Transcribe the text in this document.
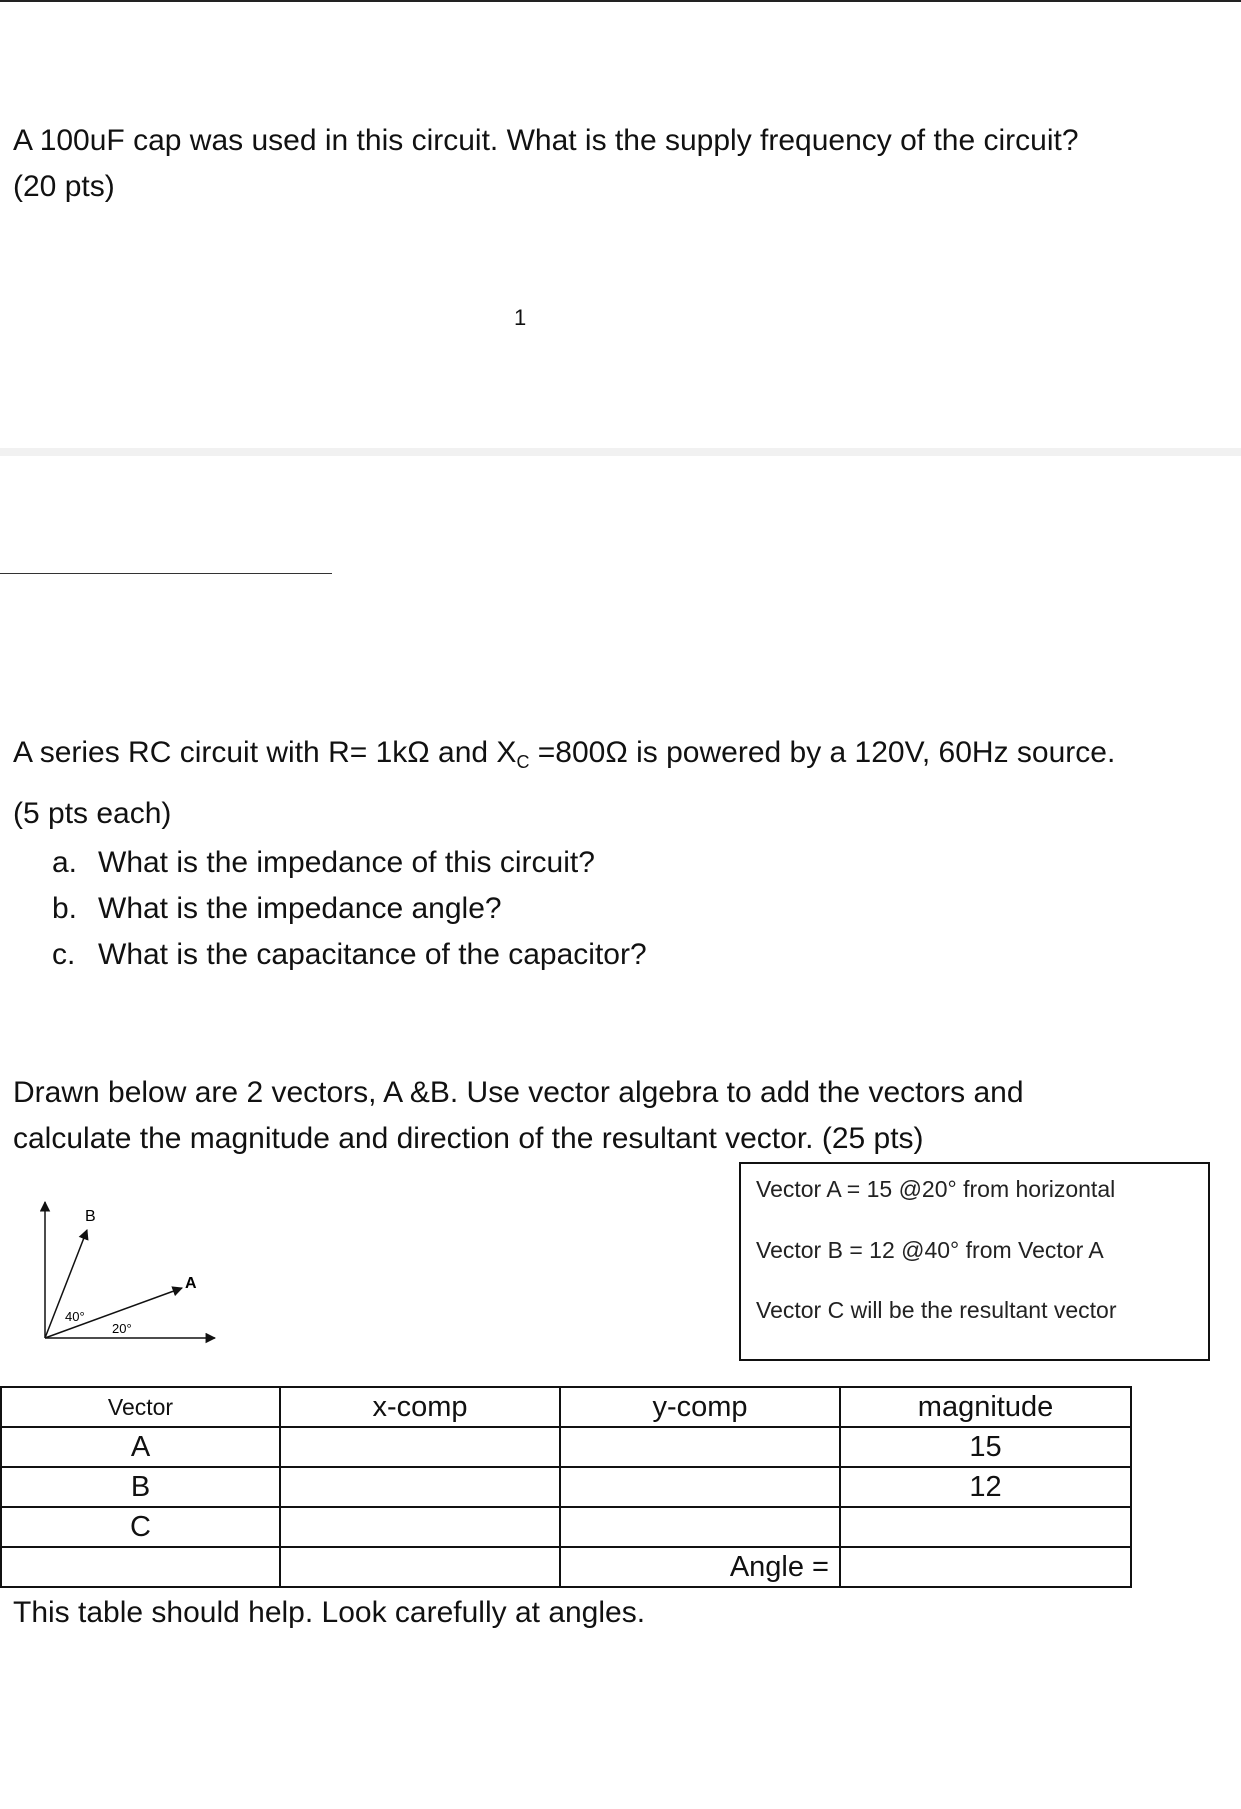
A 100uF cap was used in this circuit. What is the supply frequency of the circuit?
(20 pts)
1
A series RC circuit with R= 1kΩ and $X_C =800\Omega$ is powered by a 120V, 60Hz source.
(5 pts each)
a. What is the impedance of this circuit?
b. What is the impedance angle?
c. What is the capacitance of the capacitor?
Drawn below are 2 vectors, A &B. Use vector algebra to add the vectors and
calculate the magnitude and direction of the resultant vector. (25 pts)
B
A
40°
20°
Vector A = 15 @20° from horizontal
Vector B = 12 @40° from Vector A
Vector C will be the resultant vector
Vector	x-comp	y-comp	magnitude
A			15
B			12
C			
		Angle =	
This table should help. Look carefully at angles.
